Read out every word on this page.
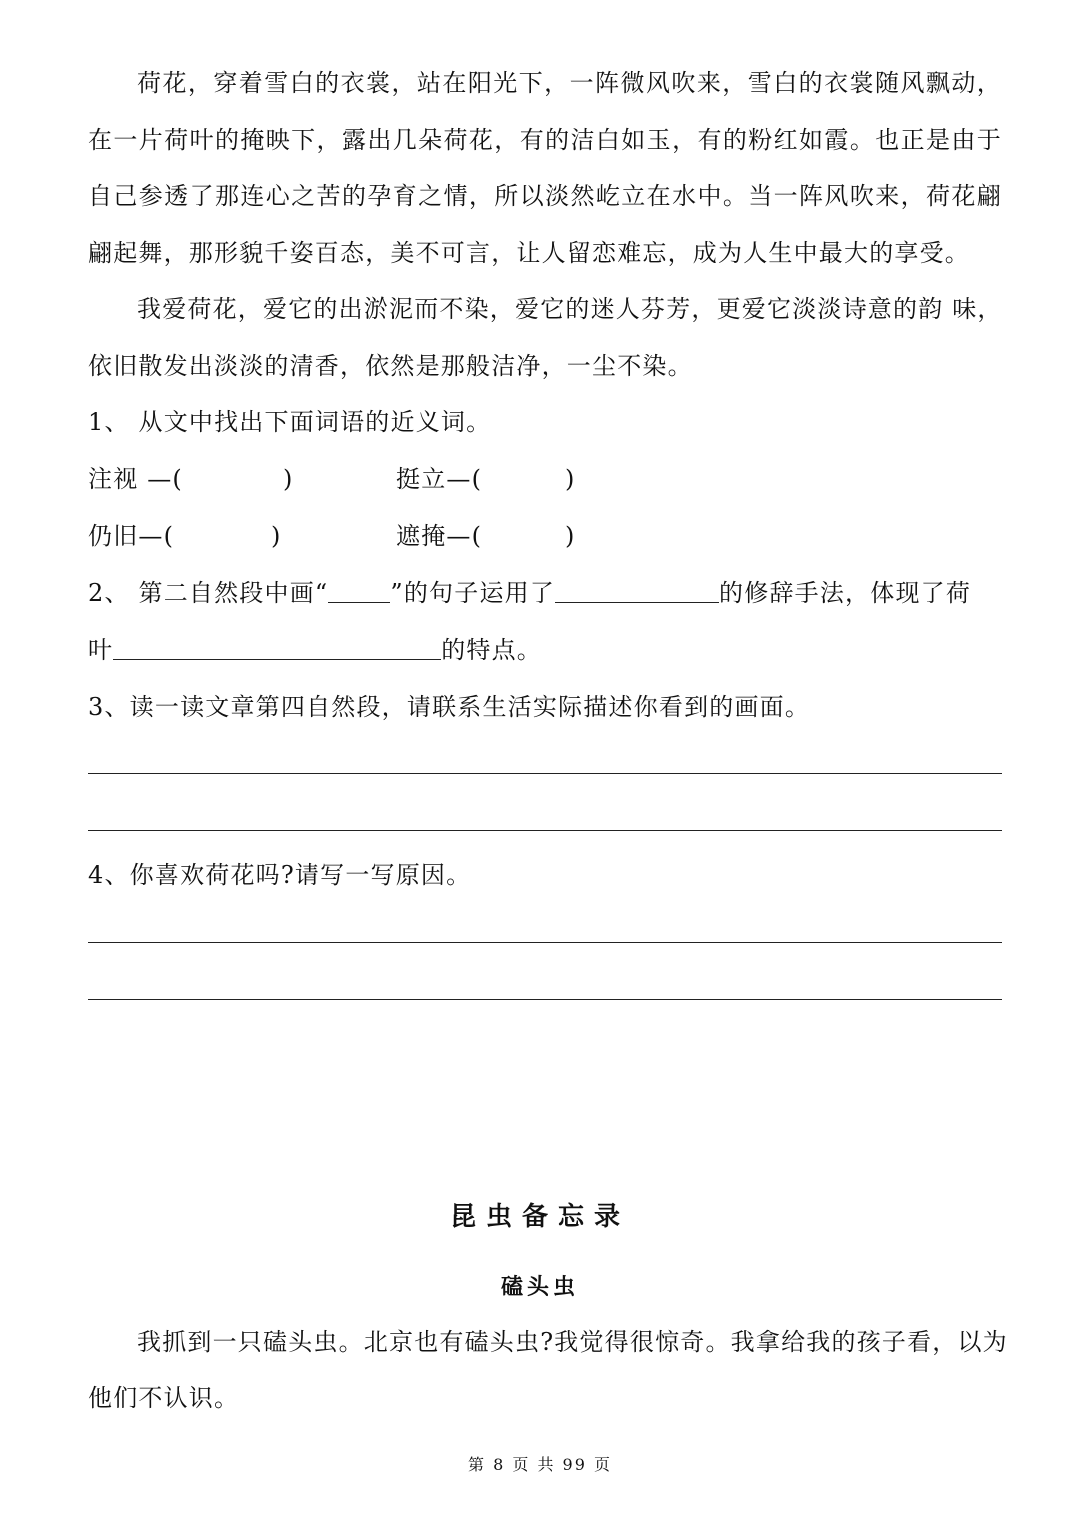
荷花，穿着雪白的衣裳，站在阳光下，一阵微风吹来，雪白的衣裳随风飘动，
在一片荷叶的掩映下，露出几朵荷花，有的洁白如玉，有的粉红如霞。也正是由于
自己参透了那连心之苦的孕育之情，所以淡然屹立在水中。当一阵风吹来，荷花翩
翩起舞，那形貌千姿百态，美不可言，让人留恋难忘，成为人生中最大的享受。
我爱荷花，爱它的出淤泥而不染，爱它的迷人芬芳，更爱它淡淡诗意的韵 味，
依旧散发出淡淡的清香，依然是那般洁净，一尘不染。
1、 从文中找出下面词语的近义词。
注视 —(	)	挺立—(	)
仍旧—(	)	遮掩—(	)
2、 第二自然段中画“	”的句子运用了	的修辞手法，体现了荷
叶	的特点。
3、读一读文章第四自然段，请联系生活实际描述你看到的画面。
4、你喜欢荷花吗?请写一写原因。
昆虫备忘录
磕头虫
我抓到一只磕头虫。北京也有磕头虫?我觉得很惊奇。我拿给我的孩子看，以为
他们不认识。
第 8 页 共 99 页
